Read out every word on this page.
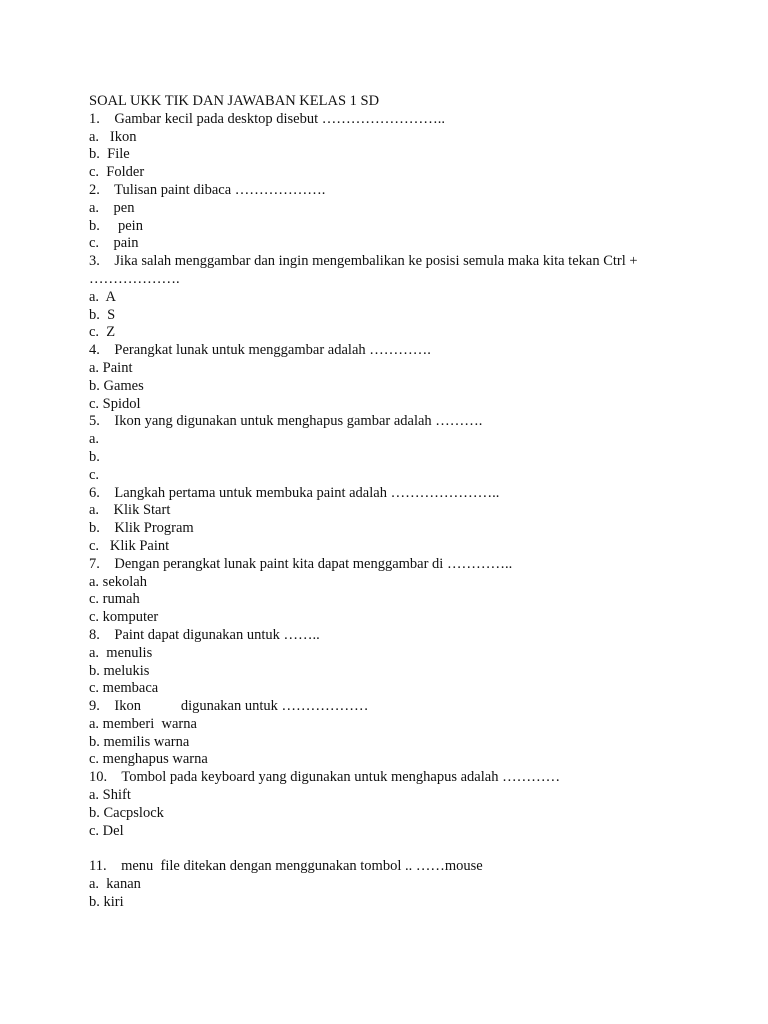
SOAL UKK TIK DAN JAWABAN KELAS 1 SD
1.    Gambar kecil pada desktop disebut ……………………..
a.   Ikon
b.  File
c.  Folder
2.    Tulisan paint dibaca ……………….
a.    pen
b.     pein
c.    pain
3.    Jika salah menggambar dan ingin mengembalikan ke posisi semula maka kita tekan Ctrl +
……………….
a.  A
b.  S
c.  Z
4.    Perangkat lunak untuk menggambar adalah ………….
a. Paint
b. Games
c. Spidol
5.    Ikon yang digunakan untuk menghapus gambar adalah ……….
a.
b.
c.
6.    Langkah pertama untuk membuka paint adalah …………………..
a.    Klik Start
b.    Klik Program
c.   Klik Paint
7.    Dengan perangkat lunak paint kita dapat menggambar di …………..
a. sekolah
c. rumah
c. komputer
8.    Paint dapat digunakan untuk ……..
a.  menulis
b. melukis
c. membaca
9.    Ikon           digunakan untuk ………………
a. memberi  warna
b. memilis warna
c. menghapus warna
10.    Tombol pada keyboard yang digunakan untuk menghapus adalah …………
a. Shift
b. Cacpslock
c. Del
11.    menu  file ditekan dengan menggunakan tombol .. ……mouse
a.  kanan
b. kiri
